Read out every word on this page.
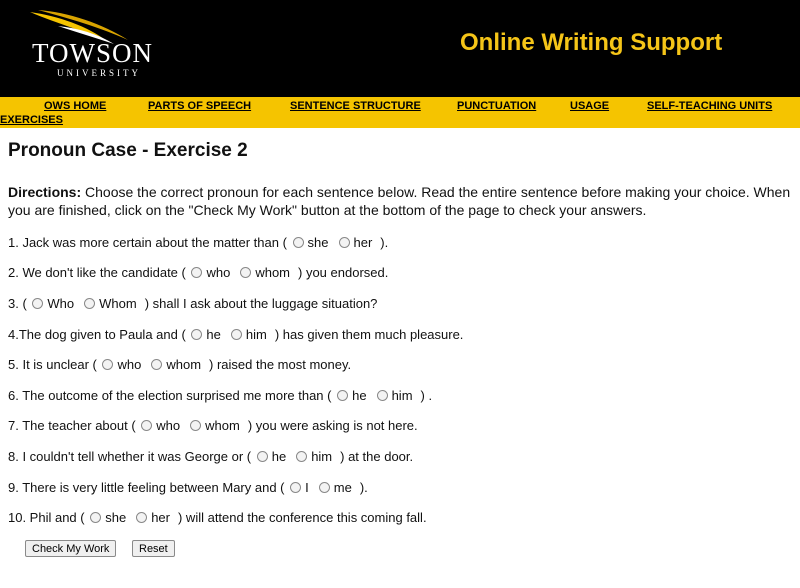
TOWSON
UNIVERSITY
Online Writing Support
OWS HOME	PARTS OF SPEECH	SENTENCE STRUCTURE	PUNCTUATION	USAGE	SELF-TEACHING UNITS
EXERCISES
Pronoun Case - Exercise 2

Directions: Choose the correct pronoun for each sentence below. Read the entire sentence before making your choice. When you are finished, click on the "Check My Work" button at the bottom of the page to check your answers.

1. Jack was more certain about the matter than ( she her ).
2. We don't like the candidate ( who whom ) you endorsed.
3. ( Who Whom ) shall I ask about the luggage situation?
4.The dog given to Paula and ( he him ) has given them much pleasure.
5. It is unclear ( who whom ) raised the most money.
6. The outcome of the election surprised me more than ( he him ) .
7. The teacher about ( who whom ) you were asking is not here.
8. I couldn't tell whether it was George or ( he him ) at the door.
9. There is very little feeling between Mary and ( I me ).
10. Phil and ( she her ) will attend the conference this coming fall.
Check My Work	Reset
